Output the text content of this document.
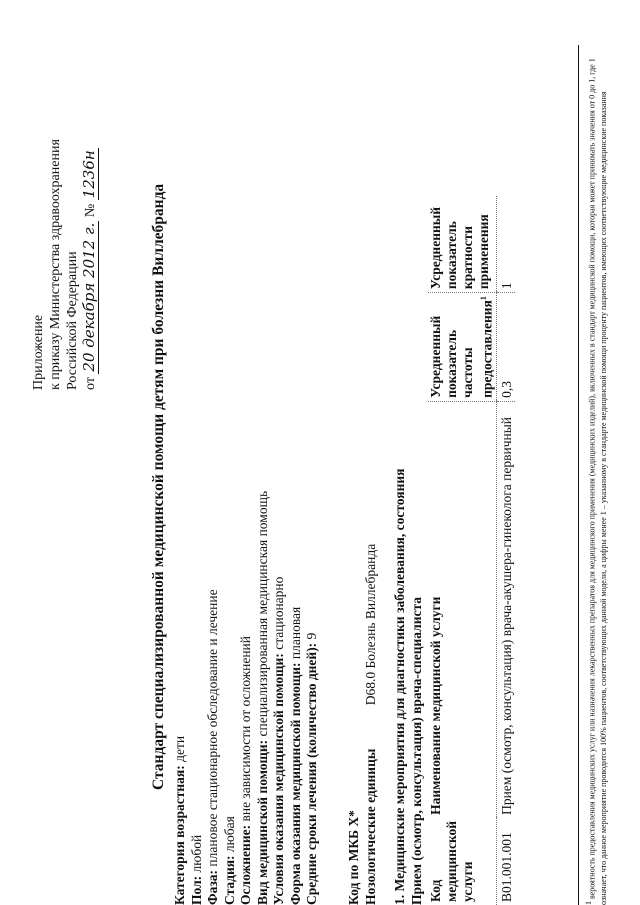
Приложение к приказу Министерства здравоохранения Российской Федерации от 20 декабря 2012 г. № 1236н
Стандарт специализированной медицинской помощи детям при болезни Виллебранда
Категория возрастная: дети
Пол: любой
Фаза: плановое стационарное обследование и лечение
Стадия: любая Осложнение: вне зависимости от осложнений
Вид медицинской помощи: специализированная медицинская помощь
Условия оказания медицинской помощи: стационарно
Форма оказания медицинской помощи: плановая
Средние сроки лечения (количество дней): 9
Код по МКБ X* Нозологические единицы D68.0 Болезнь Виллебранда 1. Медицинские мероприятия для диагностики заболевания, состояния Прием (осмотр, консультация) врача-специалиста Код медицинской услуги	Наименование медицинской услуги	Усредненный показатель частоты предоставления$^1$	Усредненный показатель кратности применения
B01.001.001	Прием (осмотр, консультация) врача-акушера-гинеколога первичный	0,3	1
$^1$ вероятность предоставления медицинских услуг или назначения лекарственных препаратов для медицинского применения (медицинских изделий), включенных в стандарт медицинской помощи, которая может принимать значения от 0 до 1, где 1 означает, что данное мероприятие проводится 100% пациентов, соответствующих данной модели, а цифры менее 1 – указанному в стандарте медицинской помощи проценту пациентов, имеющих соответствующие медицинские показания
